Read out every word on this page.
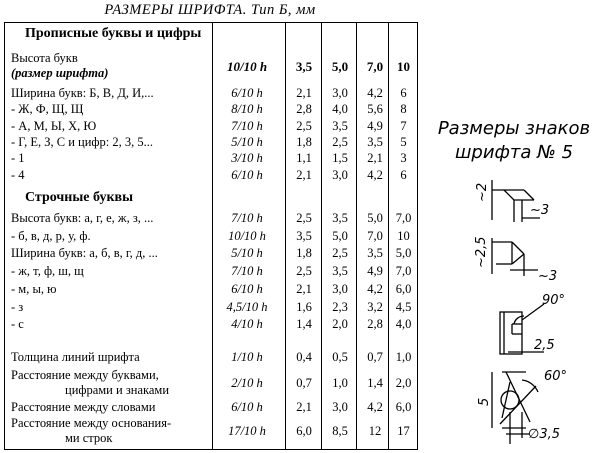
РАЗМЕРЫ ШРИФТА. Тип Б, мм
Прописные буквы и цифры
Высота букв
(размер шрифта)	10/10 h	3,5	5,0	7,0	10
Ширина букв: Б, В, Д, И,...	6/10 h	2,1	3,0	4,2	6
- Ж, Ф, Щ, Щ	8/10 h	2,8	4,0	5,6	8
- А, М, Ы, Х, Ю	7/10 h	2,5	3,5	4,9	7
- Г, Е, З, С и цифр: 2, 3, 5...	5/10 h	1,8	2,5	3,5	5
- 1	3/10 h	1,1	1,5	2,1	3
- 4	6/10 h	2,1	3,0	4,2	6
Строчные буквы
Высота букв: а, г, е, ж, з, ...	7/10 h	2,5	3,5	5,0	7,0
- б, в, д, р, у, ф.	10/10 h	3,5	5,0	7,0	10
Ширина букв: а, б, в, г, д, ...	5/10 h	1,8	2,5	3,5	5,0
- ж, т, ф, ш, щ	7/10 h	2,5	3,5	4,9	7,0
- м, ы, ю	6/10 h	2,1	3,0	4,2	6,0
- з	4,5/10 h	1,6	2,3	3,2	4,5
- с	4/10 h	1,4	2,0	2,8	4,0
Толщина линий шрифта	1/10 h	0,4	0,5	0,7	1,0
Расстояние между буквами,
цифрами и знаками	2/10 h	0,7	1,0	1,4	2,0
Расстояние между словами	6/10 h	2,1	3,0	4,2	6,0
Расстояние между основания-
ми строк	17/10 h	6,0	8,5	12	17
Размеры знаков
шрифта № 5
~2
~3
~2,5
~3
90°
2,5
5
60°
∅3,5
